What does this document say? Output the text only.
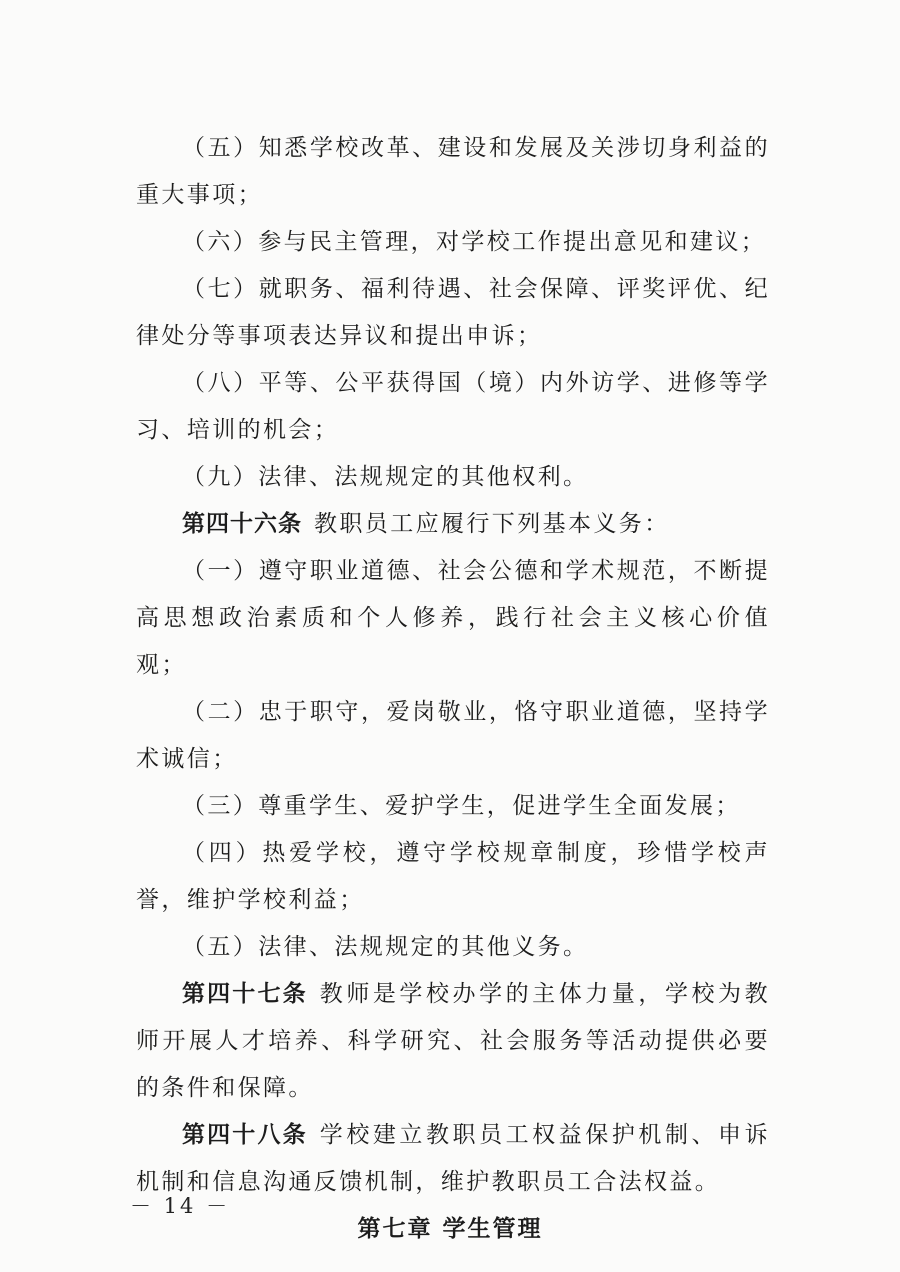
（五）知悉学校改革、建设和发展及关涉切身利益的重大事项；

（六）参与民主管理，对学校工作提出意见和建议；

（七）就职务、福利待遇、社会保障、评奖评优、纪律处分等事项表达异议和提出申诉；

（八）平等、公平获得国（境）内外访学、进修等学习、培训的机会；

（九）法律、法规规定的其他权利。

第四十六条 教职员工应履行下列基本义务：

（一）遵守职业道德、社会公德和学术规范，不断提高思想政治素质和个人修养，践行社会主义核心价值观；

（二）忠于职守，爱岗敬业，恪守职业道德，坚持学术诚信；

（三）尊重学生、爱护学生，促进学生全面发展；

（四）热爱学校，遵守学校规章制度，珍惜学校声誉，维护学校利益；

（五）法律、法规规定的其他义务。

第四十七条 教师是学校办学的主体力量，学校为教师开展人才培养、科学研究、社会服务等活动提供必要的条件和保障。

第四十八条 学校建立教职员工权益保护机制、申诉机制和信息沟通反馈机制，维护教职员工合法权益。

第七章 学生管理

－ 14 －
